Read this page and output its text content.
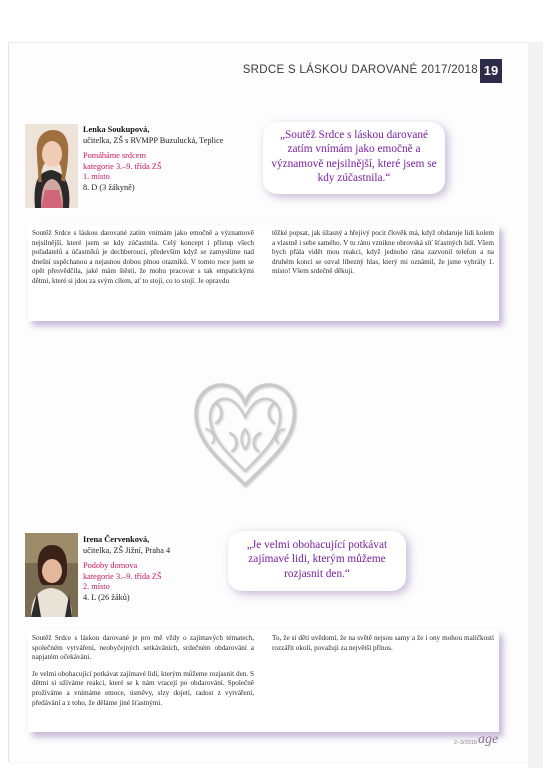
SRDCE S LÁSKOU DAROVANÉ 2017/2018 19
Lenka Soukupová,
učitelka, ZŠ s RVMPP Buzulucká, Teplice
Pomáháme srdcem
kategorie 3.–9. třída ZŠ
1. místo
8. D (3 žákyně)
„Soutěž Srdce s láskou darované zatím vnímám jako emočně a významově nejsilnější, které jsem se kdy zúčastnila.“
Soutěž Srdce s láskou darované zatím vnímám jako emočně a významově nejsilnější, které jsem se kdy zúčastnila. Celý koncept i přístup všech pořadatelů a účastníků je dechberoucí, především když se zamyslíme nad dnešní uspěchanou a nejasnou dobou plnou otazníků. V tomto roce jsem se opět přesvědčila, jaké mám štěstí, že mohu pracovat s tak empatickými dětmi, které si jdou za svým cílem, ať to stojí, co to stojí. Je opravdu
těžké popsat, jak úžasný a hřejivý pocit člověk má, když obdaruje lidi kolem a vlastně i sebe samého. V tu ránu vznikne obrovská síť šťastných lidí. Všem bych přála vidět mou reakci, když jednoho rána zazvonil telefon a na druhém konci se ozval libezný hlas, který mi oznámil, že jsme vyhrály 1. místo! Všem srdečně děkuji.
Irena Červenková,
učitelka, ZŠ Jižní, Praha 4
Podoby domova
kategorie 3.–9. třída ZŠ
2. místo
4. L (26 žáků)
„Je velmi obohacující potkávat zajímavé lidi, kterým můžeme rozjasnit den.“

Soutěž Srdce s láskou darované je pro mě vždy o zajímavých tématech, společném vytváření, neobyčejných setkáváních, srdečném obdarování a napjatém očekávání.

Je velmi obohacující potkávat zajímavé lidi, kterým můžeme rozjasnit den. S dětmi si užíváme reakcí, které se k nám vracejí po obdarování. Společně prožíváme a vnímáme emoce, úsměvy, slzy dojetí, radost z vytváření, předávání a z toho, že děláme jiné šťastnými.

To, že si děti uvědomí, že na světě nejsou samy a že i ony mohou maličkostí rozzářit okolí, považuji za největší přínos.

2–3/2018 age
